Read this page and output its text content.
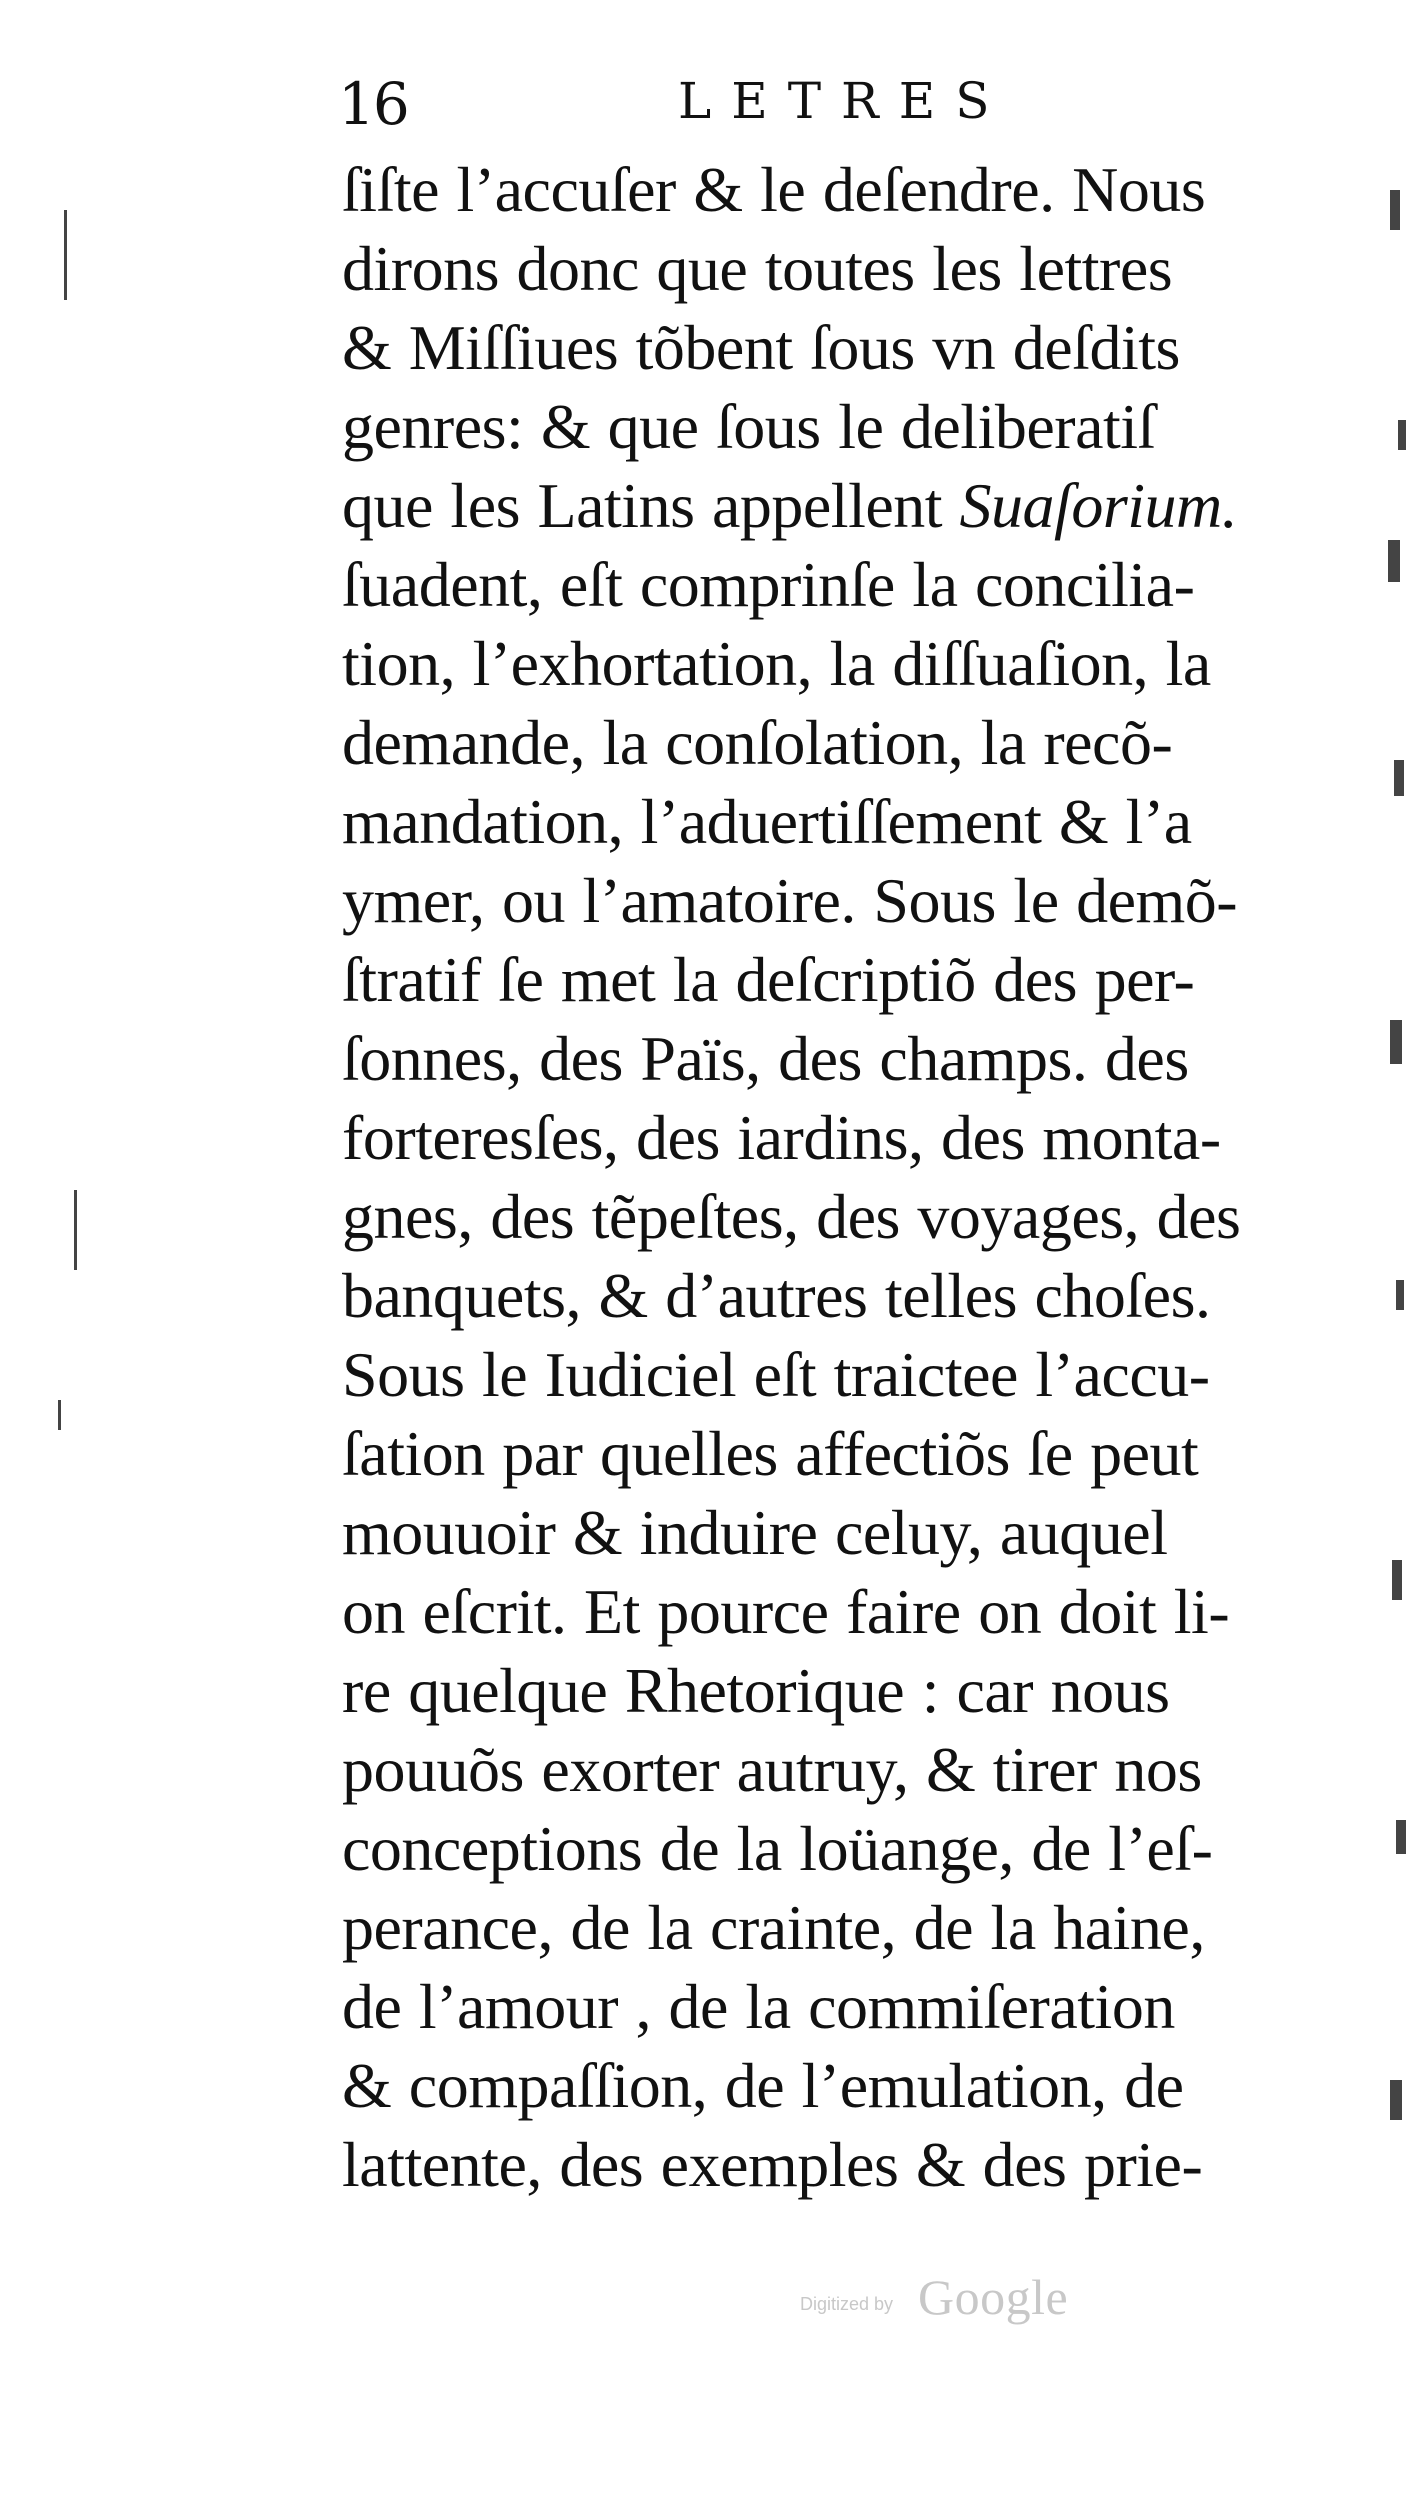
16	LETRES
ſiſte l’accuſer & le deſendre. Nous
dirons donc que toutes les lettres
& Miſſiues tõbent ſous vn deſdits
genres: & que ſous le deliberatiſ
que les Latins appellent Suaſorium.
ſuadent, eſt comprinſe la concilia-
tion, l’exhortation, la diſſuaſion, la
demande, la conſolation, la recõ-
mandation, l’aduertiſſement & l’a
ymer, ou l’amatoire. Sous le demõ-
ſtratif ſe met la deſcriptiõ des per-
ſonnes, des Païs, des champs. des
forteresſes, des iardins, des monta-
gnes, des tẽpeſtes, des voyages, des
banquets, & d’autres telles choſes.
Sous le Iudiciel eſt traictee l’accu-
ſation par quelles affectiõs ſe peut
mouuoir & induire celuy, auquel
on eſcrit. Et pource faire on doit li-
re quelque Rhetorique : car nous
pouuõs exorter autruy, & tirer nos
conceptions de la loüange, de l’eſ-
perance, de la crainte, de la haine,
de l’amour , de la commiſeration
& compaſſion, de l’emulation, de
lattente, des exemples & des prie-
Digitized by Google
